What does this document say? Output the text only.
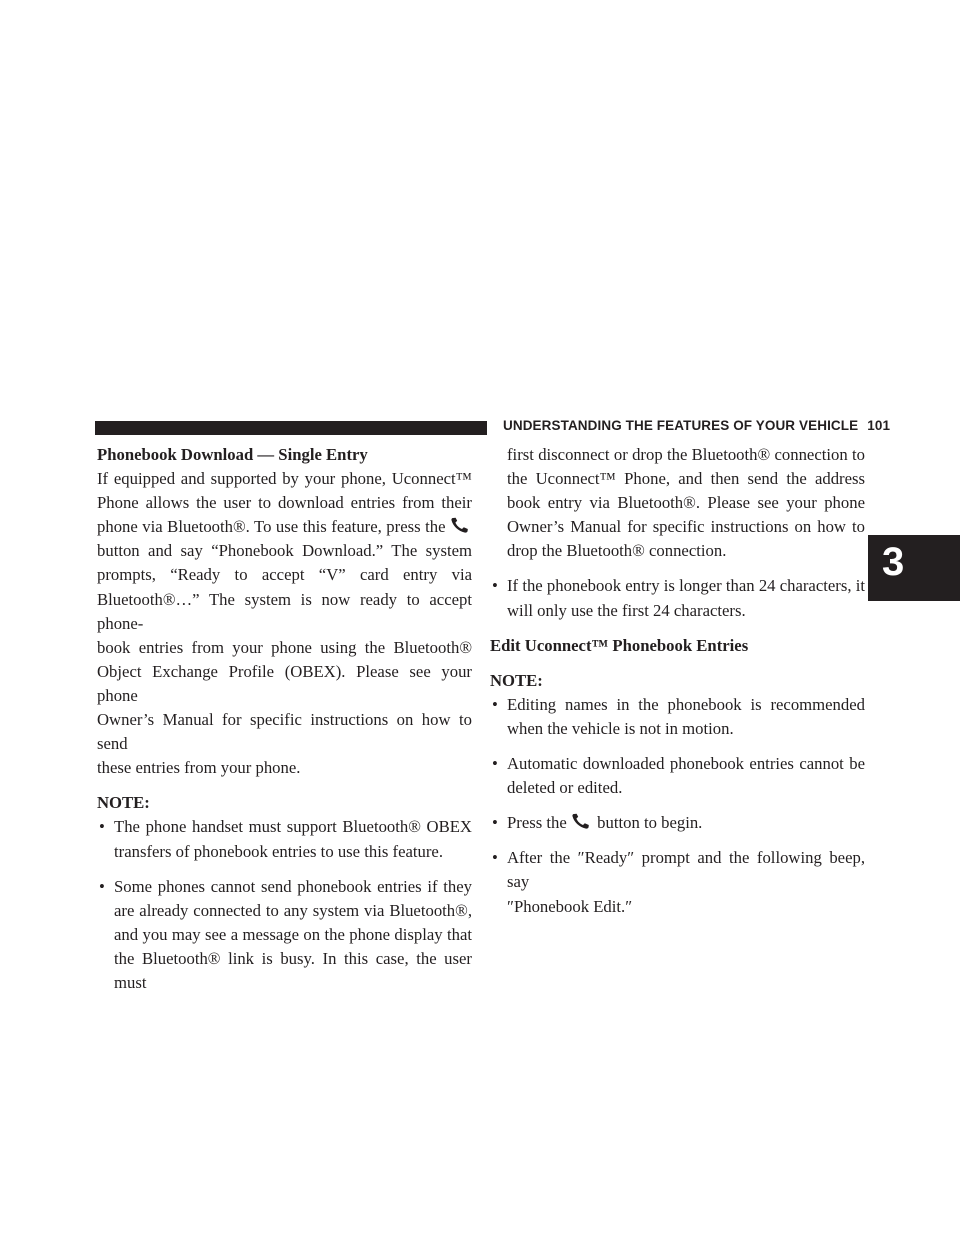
UNDERSTANDING THE FEATURES OF YOUR VEHICLE 101
3
Phonebook Download — Single Entry

If equipped and supported by your phone, Uconnect™
Phone allows the user to download entries from their
phone via Bluetooth®. To use this feature, press the
button and say “Phonebook Download.” The system
prompts, “Ready to accept “V” card entry via
Bluetooth®…” The system is now ready to accept phone-
book entries from your phone using the Bluetooth®
Object Exchange Profile (OBEX). Please see your phone
Owner’s Manual for specific instructions on how to send
these entries from your phone.

NOTE:
• The phone handset must support Bluetooth® OBEX
transfers of phonebook entries to use this feature.
• Some phones cannot send phonebook entries if they
are already connected to any system via Bluetooth®,
and you may see a message on the phone display that
the Bluetooth® link is busy. In this case, the user must
first disconnect or drop the Bluetooth® connection to
the Uconnect™ Phone, and then send the address
book entry via Bluetooth®. Please see your phone
Owner’s Manual for specific instructions on how to
drop the Bluetooth® connection.
• If the phonebook entry is longer than 24 characters, it
will only use the first 24 characters.
Edit Uconnect™ Phonebook Entries
NOTE:
• Editing names in the phonebook is recommended
when the vehicle is not in motion.
• Automatic downloaded phonebook entries cannot be
deleted or edited.
• Press the button to begin.
• After the ″Ready″ prompt and the following beep, say
″Phonebook Edit.″
